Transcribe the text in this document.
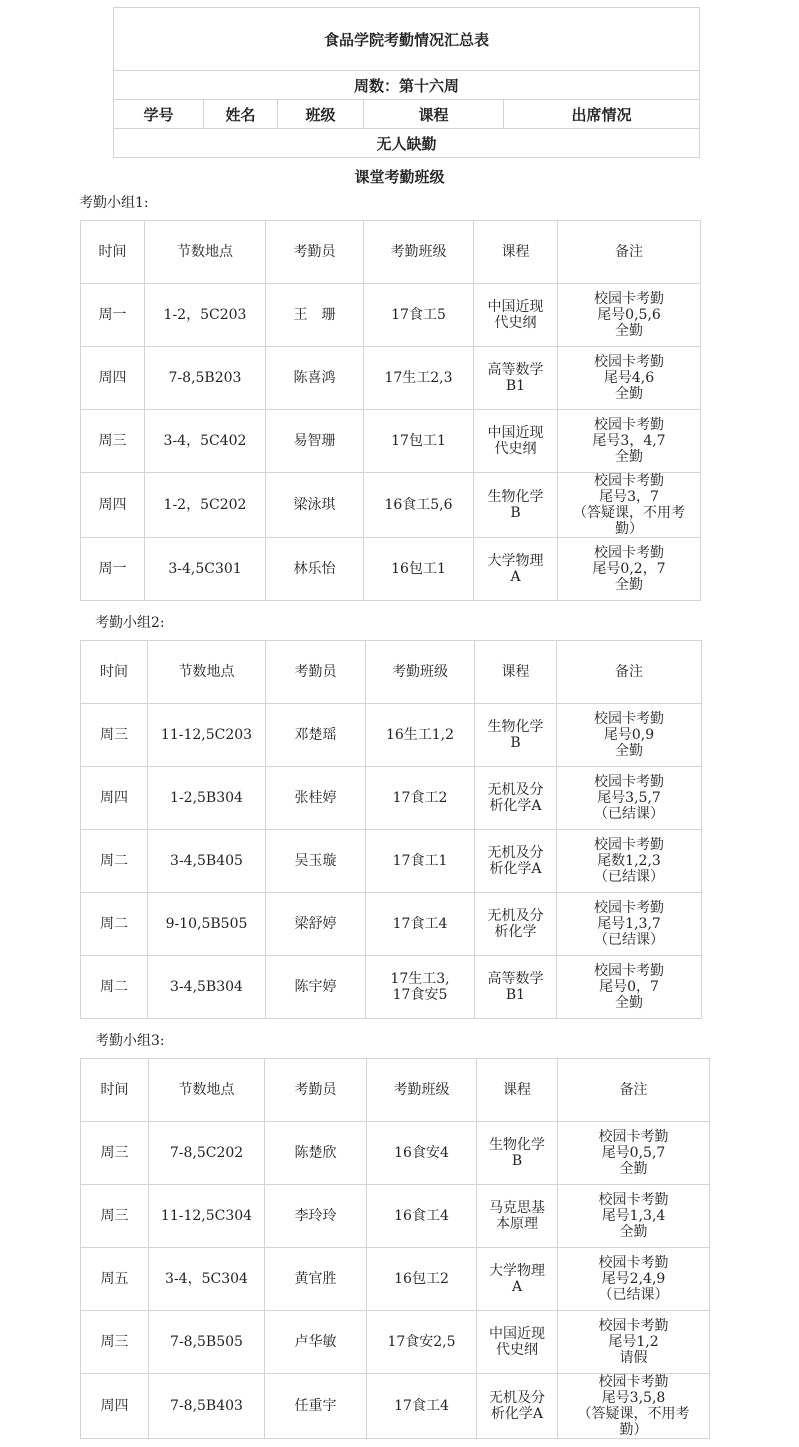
食品学院考勤情况汇总表
周数：第十六周
学号	姓名	班级	课程	出席情况
无人缺勤
课堂考勤班级
考勤小组1:
时间	节数地点	考勤员	考勤班级	课程	备注
周一	1-2，5C203	王　珊	17食工5	中国近现
代史纲	校园卡考勤
尾号0,5,6
全勤

周四	7-8,5B203	陈喜鸿	17生工2,3	高等数学
B1	校园卡考勤
尾号4,6
全勤

周三	3-4，5C402	易智珊	17包工1	中国近现
代史纲	校园卡考勤
尾号3，4,7
全勤

周四	1-2，5C202	梁泳琪	16食工5,6	生物化学
B	校园卡考勤
尾号3，7
（答疑课，不用考
勤）

周一	3-4,5C301	林乐怡	16包工1	大学物理
A	校园卡考勤
尾号0,2，7
全勤
考勤小组2:
时间	节数地点	考勤员	考勤班级	课程	备注
周三	11-12,5C203	邓楚瑶	16生工1,2	生物化学
B	校园卡考勤
尾号0,9
全勤

周四	1-2,5B304	张桂婷	17食工2	无机及分
析化学A	校园卡考勤
尾号3,5,7
（已结课）

周二	3-4,5B405	吴玉璇	17食工1	无机及分
析化学A	校园卡考勤
尾数1,2,3
（已结课）

周二	9-10,5B505	梁舒婷	17食工4	无机及分
析化学	校园卡考勤
尾号1,3,7
（已结课）

周二	3-4,5B304	陈宇婷	17生工3,
17食安5	高等数学
B1	校园卡考勤
尾号0，7
全勤
考勤小组3:
时间	节数地点	考勤员	考勤班级	课程	备注
周三	7-8,5C202	陈楚欣	16食安4	生物化学
B	校园卡考勤
尾号0,5,7
全勤

周三	11-12,5C304	李玲玲	16食工4	马克思基
本原理	校园卡考勤
尾号1,3,4
全勤

周五	3-4，5C304	黄官胜	16包工2	大学物理
A	校园卡考勤
尾号2,4,9
（已结课）

周三	7-8,5B505	卢华敏	17食安2,5	中国近现
代史纲	校园卡考勤
尾号1,2
请假

周四	7-8,5B403	任重宇	17食工4	无机及分
析化学A	校园卡考勤
尾号3,5,8
（答疑课，不用考
勤）
